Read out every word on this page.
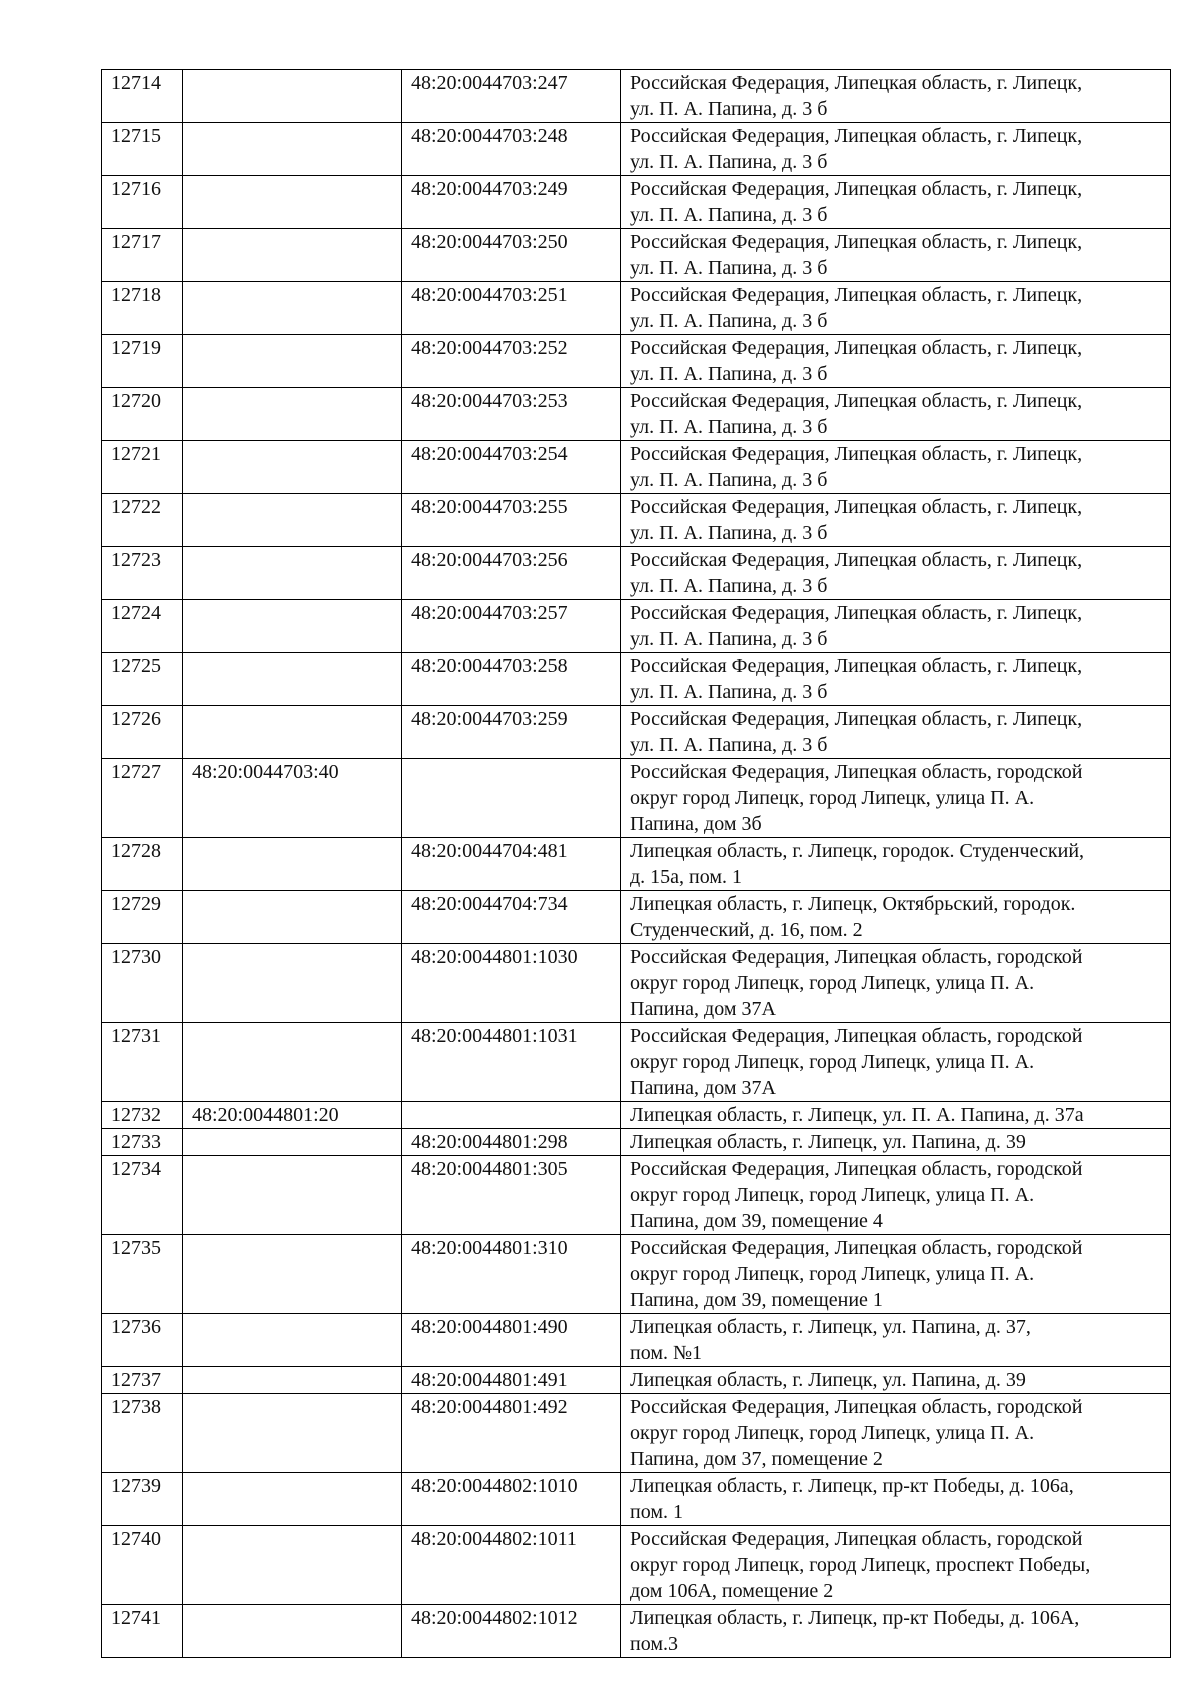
12714		48:20:0044703:247	Российская Федерация, Липецкая область, г. Липецк,
ул. П. А. Папина, д. 3 б
12715		48:20:0044703:248	Российская Федерация, Липецкая область, г. Липецк,
ул. П. А. Папина, д. 3 б
12716		48:20:0044703:249	Российская Федерация, Липецкая область, г. Липецк,
ул. П. А. Папина, д. 3 б
12717		48:20:0044703:250	Российская Федерация, Липецкая область, г. Липецк,
ул. П. А. Папина, д. 3 б
12718		48:20:0044703:251	Российская Федерация, Липецкая область, г. Липецк,
ул. П. А. Папина, д. 3 б
12719		48:20:0044703:252	Российская Федерация, Липецкая область, г. Липецк,
ул. П. А. Папина, д. 3 б
12720		48:20:0044703:253	Российская Федерация, Липецкая область, г. Липецк,
ул. П. А. Папина, д. 3 б
12721		48:20:0044703:254	Российская Федерация, Липецкая область, г. Липецк,
ул. П. А. Папина, д. 3 б
12722		48:20:0044703:255	Российская Федерация, Липецкая область, г. Липецк,
ул. П. А. Папина, д. 3 б
12723		48:20:0044703:256	Российская Федерация, Липецкая область, г. Липецк,
ул. П. А. Папина, д. 3 б
12724		48:20:0044703:257	Российская Федерация, Липецкая область, г. Липецк,
ул. П. А. Папина, д. 3 б
12725		48:20:0044703:258	Российская Федерация, Липецкая область, г. Липецк,
ул. П. А. Папина, д. 3 б
12726		48:20:0044703:259	Российская Федерация, Липецкая область, г. Липецк,
ул. П. А. Папина, д. 3 б
12727	48:20:0044703:40		Российская Федерация, Липецкая область, городской
округ город Липецк, город Липецк, улица П. А.
Папина, дом 3б
12728		48:20:0044704:481	Липецкая область, г. Липецк, городок. Студенческий,
д. 15а, пом. 1
12729		48:20:0044704:734	Липецкая область, г. Липецк, Октябрьский, городок.
Студенческий, д. 16, пом. 2
12730		48:20:0044801:1030	Российская Федерация, Липецкая область, городской
округ город Липецк, город Липецк, улица П. А.
Папина, дом 37А
12731		48:20:0044801:1031	Российская Федерация, Липецкая область, городской
округ город Липецк, город Липецк, улица П. А.
Папина, дом 37А
12732	48:20:0044801:20		Липецкая область, г. Липецк, ул. П. А. Папина, д. 37а
12733		48:20:0044801:298	Липецкая область, г. Липецк, ул. Папина, д. 39
12734		48:20:0044801:305	Российская Федерация, Липецкая область, городской
округ город Липецк, город Липецк, улица П. А.
Папина, дом 39, помещение 4
12735		48:20:0044801:310	Российская Федерация, Липецкая область, городской
округ город Липецк, город Липецк, улица П. А.
Папина, дом 39, помещение 1
12736		48:20:0044801:490	Липецкая область, г. Липецк, ул. Папина, д. 37,
пом. №1
12737		48:20:0044801:491	Липецкая область, г. Липецк, ул. Папина, д. 39
12738		48:20:0044801:492	Российская Федерация, Липецкая область, городской
округ город Липецк, город Липецк, улица П. А.
Папина, дом 37, помещение 2
12739		48:20:0044802:1010	Липецкая область, г. Липецк, пр-кт Победы, д. 106а,
пом. 1
12740		48:20:0044802:1011	Российская Федерация, Липецкая область, городской
округ город Липецк, город Липецк, проспект Победы,
дом 106А, помещение 2
12741		48:20:0044802:1012	Липецкая область, г. Липецк, пр-кт Победы, д. 106А,
пом.3
